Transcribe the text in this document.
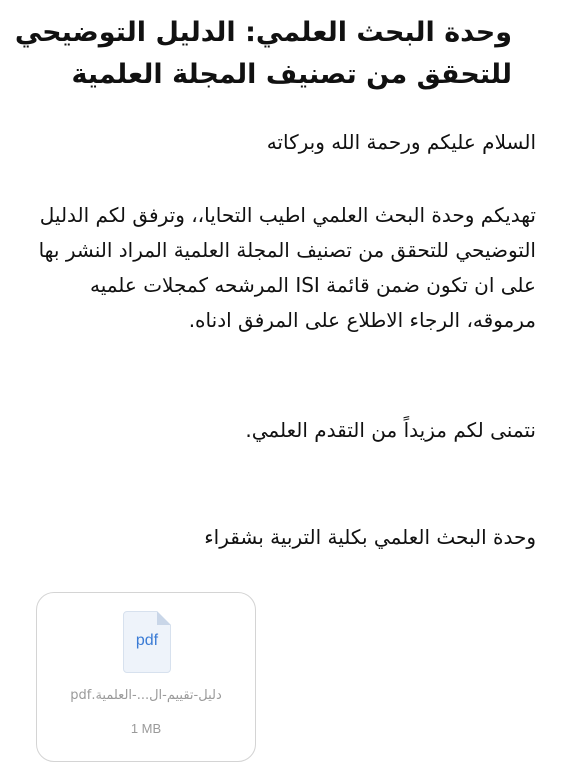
وحدة البحث العلمي: الدليل التوضيحي للتحقق من تصنيف المجلة العلمية
السلام عليكم ورحمة الله وبركاته
تهديكم وحدة البحث العلمي اطيب التحايا،، وترفق لكم الدليل التوضيحي للتحقق من تصنيف المجلة العلمية المراد النشر بها على ان تكون ضمن قائمة ISI المرشحه كمجلات علميه مرموقه، الرجاء الاطلاع على المرفق ادناه.
نتمنى لكم مزيداً من التقدم العلمي.
وحدة البحث العلمي بكلية التربية بشقراء
pdf
دليل-تقييم-ال...-العلمية.pdf
1 MB
